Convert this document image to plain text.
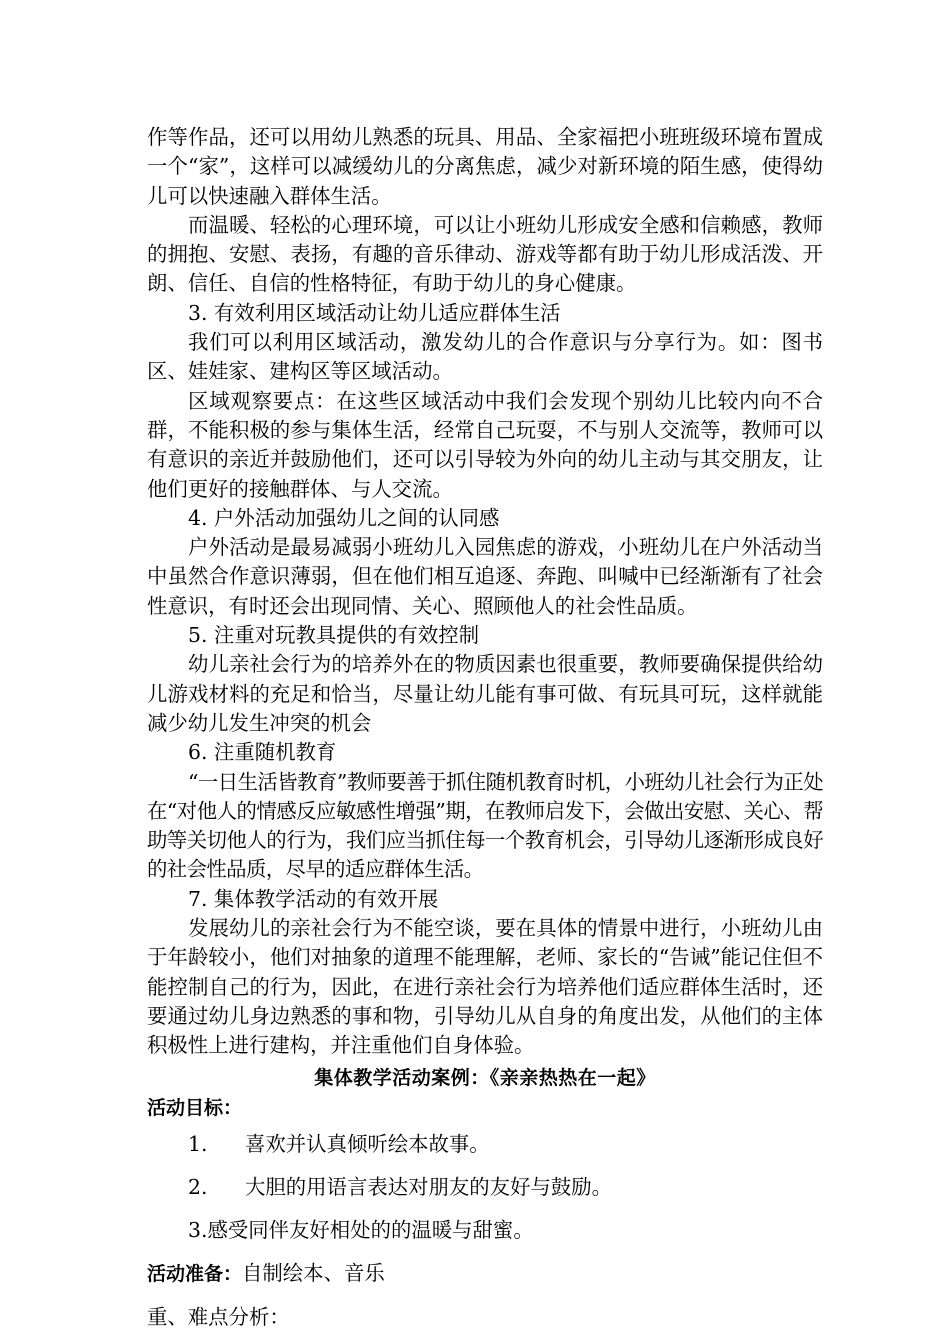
作等作品，还可以用幼儿熟悉的玩具、用品、全家福把小班班级环境布置成一个“家”，这样可以减缓幼儿的分离焦虑，减少对新环境的陌生感，使得幼儿可以快速融入群体生活。

而温暖、轻松的心理环境，可以让小班幼儿形成安全感和信赖感，教师的拥抱、安慰、表扬，有趣的音乐律动、游戏等都有助于幼儿形成活泼、开朗、信任、自信的性格特征，有助于幼儿的身心健康。

3. 有效利用区域活动让幼儿适应群体生活

我们可以利用区域活动，激发幼儿的合作意识与分享行为。如：图书区、娃娃家、建构区等区域活动。

区域观察要点：在这些区域活动中我们会发现个别幼儿比较内向不合群，不能积极的参与集体生活，经常自己玩耍，不与别人交流等，教师可以有意识的亲近并鼓励他们，还可以引导较为外向的幼儿主动与其交朋友，让他们更好的接触群体、与人交流。

4. 户外活动加强幼儿之间的认同感

户外活动是最易减弱小班幼儿入园焦虑的游戏，小班幼儿在户外活动当中虽然合作意识薄弱，但在他们相互追逐、奔跑、叫喊中已经渐渐有了社会性意识，有时还会出现同情、关心、照顾他人的社会性品质。

5. 注重对玩教具提供的有效控制

幼儿亲社会行为的培养外在的物质因素也很重要，教师要确保提供给幼儿游戏材料的充足和恰当，尽量让幼儿能有事可做、有玩具可玩，这样就能减少幼儿发生冲突的机会

6. 注重随机教育

“一日生活皆教育”教师要善于抓住随机教育时机，小班幼儿社会行为正处在“对他人的情感反应敏感性增强”期，在教师启发下，会做出安慰、关心、帮助等关切他人的行为，我们应当抓住每一个教育机会，引导幼儿逐渐形成良好的社会性品质，尽早的适应群体生活。

7. 集体教学活动的有效开展

发展幼儿的亲社会行为不能空谈，要在具体的情景中进行，小班幼儿由于年龄较小，他们对抽象的道理不能理解，老师、家长的“告诫”能记住但不能控制自己的行为，因此，在进行亲社会行为培养他们适应群体生活时，还要通过幼儿身边熟悉的事和物，引导幼儿从自身的角度出发，从他们的主体积极性上进行建构，并注重他们自身体验。

集体教学活动案例：《亲亲热热在一起》

活动目标：

1. 喜欢并认真倾听绘本故事。

2. 大胆的用语言表达对朋友的友好与鼓励。

3.感受同伴友好相处的的温暖与甜蜜。

活动准备：自制绘本、音乐

重、难点分析：
